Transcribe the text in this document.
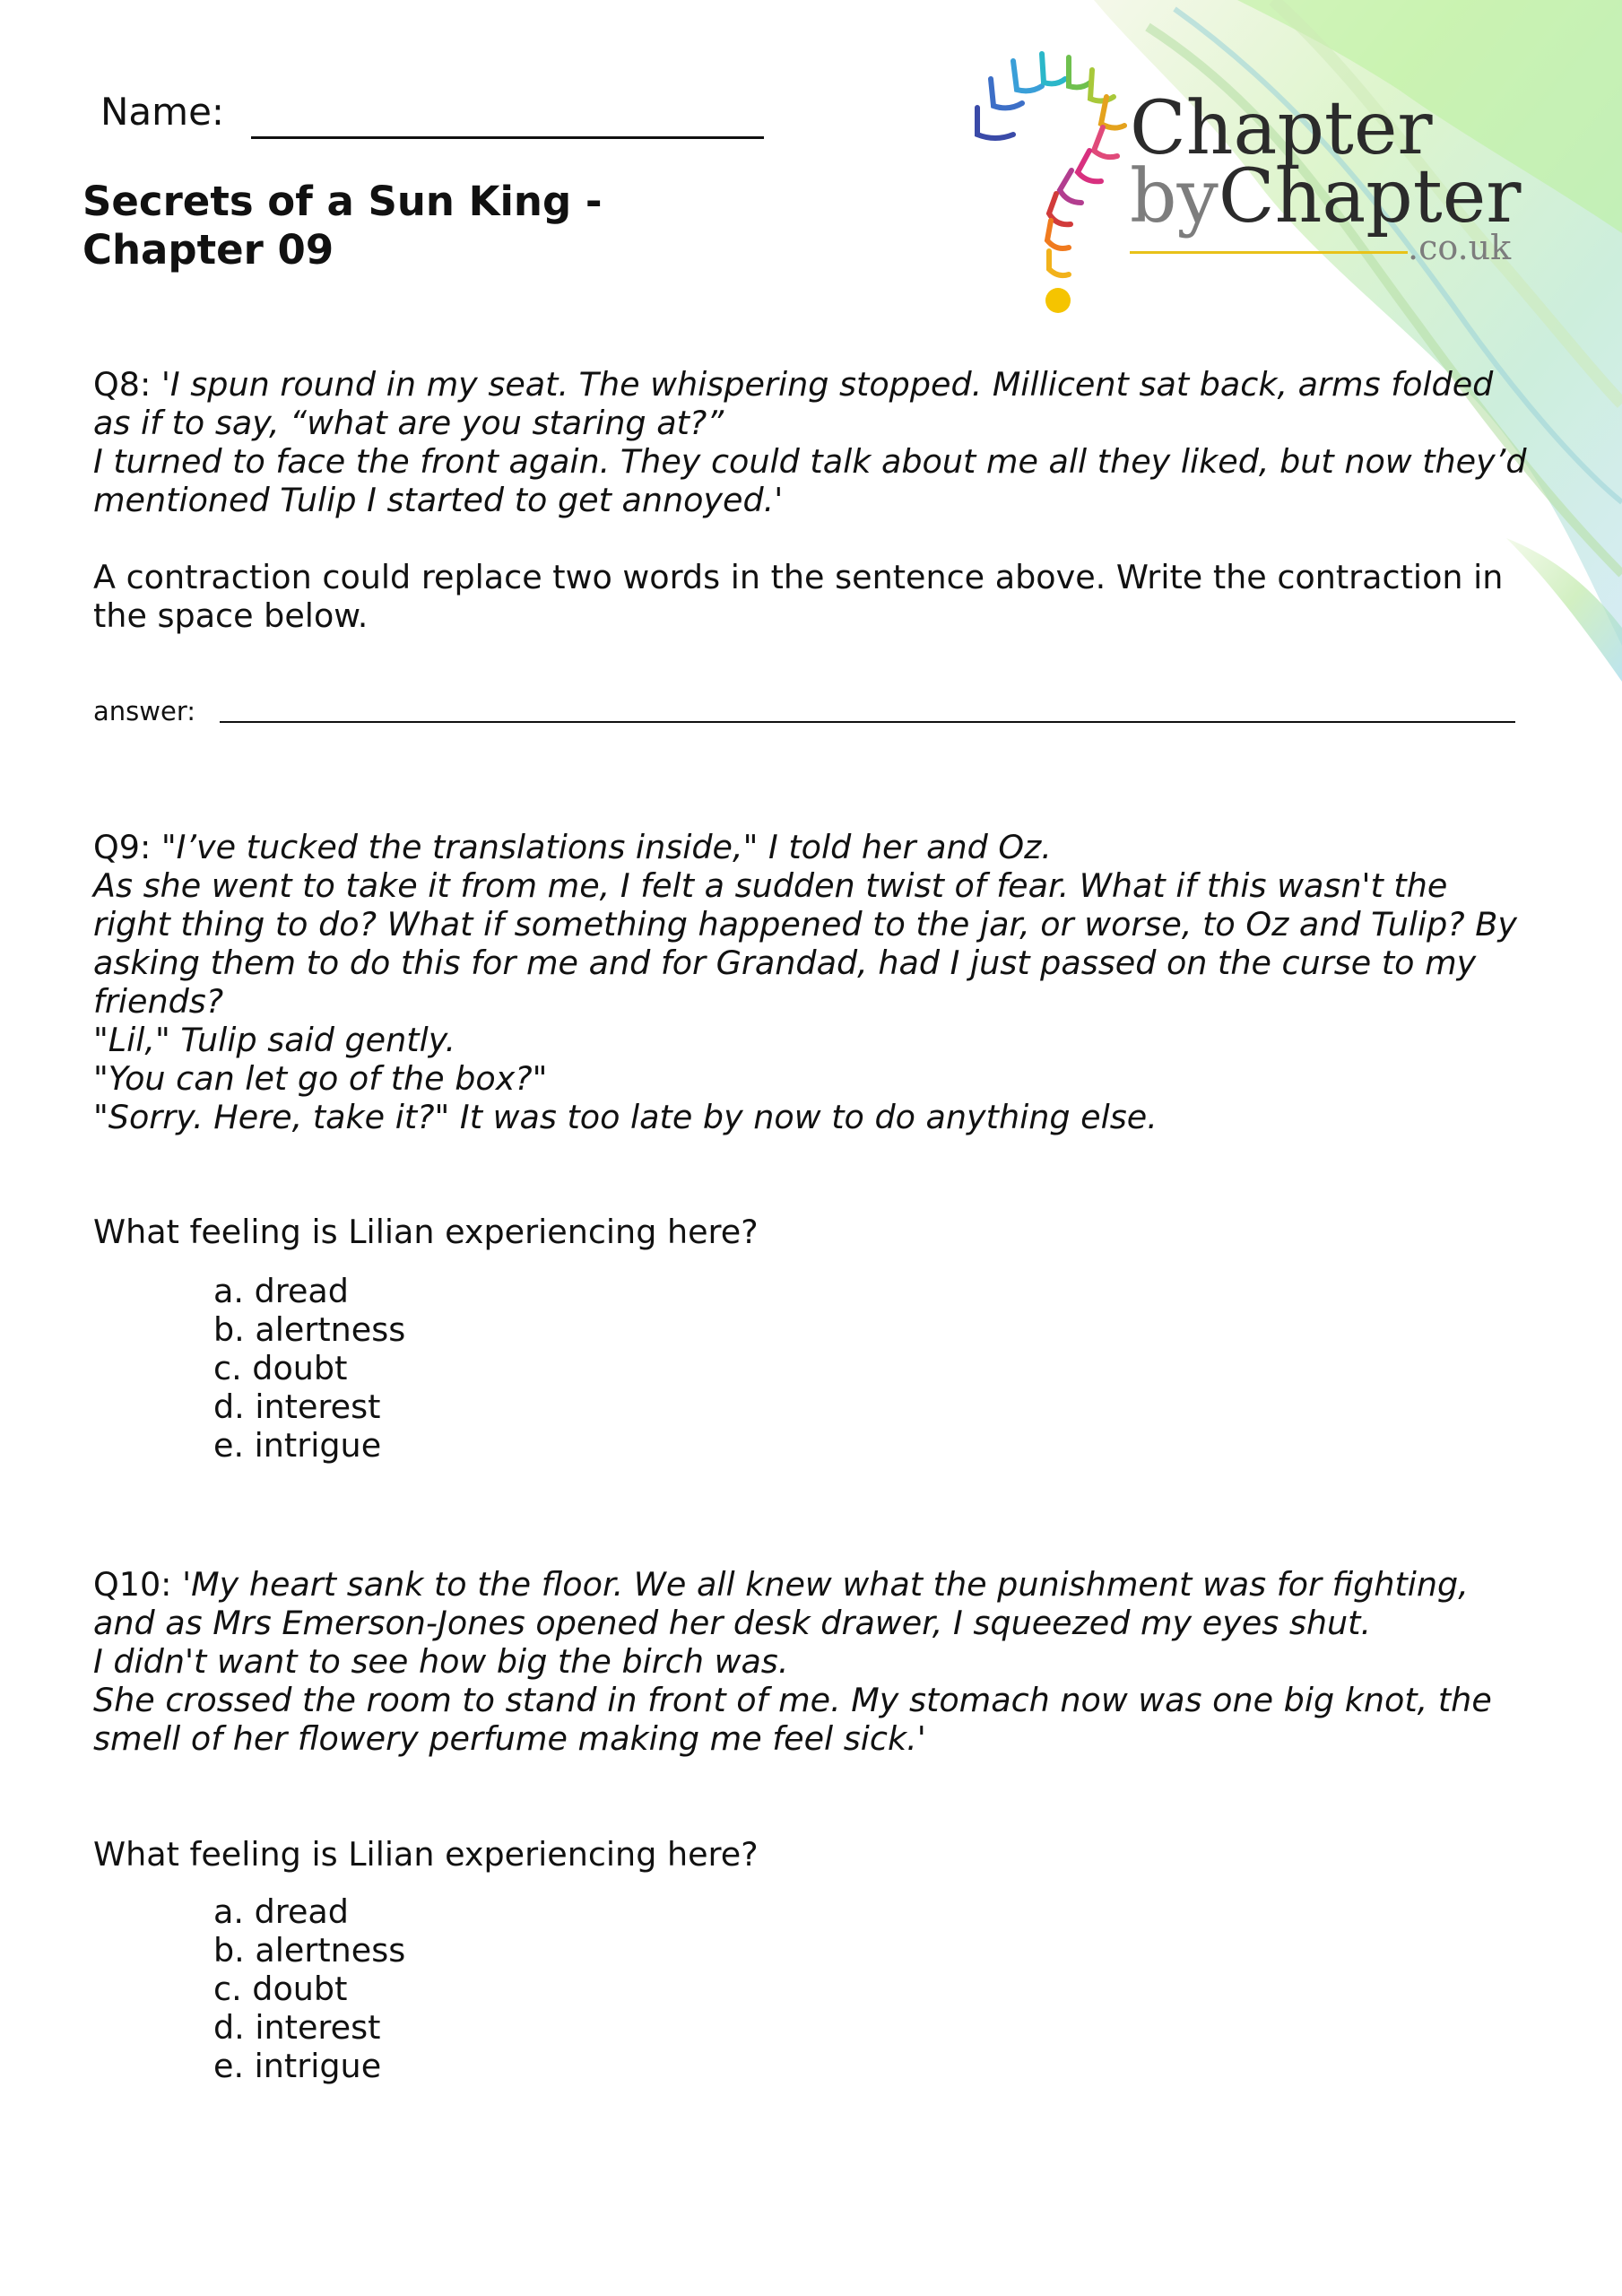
Chapter
byChapter
.co.uk
Name:
Secrets of a Sun King -
Chapter 09
Q8: 'I spun round in my seat. The whispering stopped. Millicent sat back, arms folded
as if to say, “what are you staring at?”
I turned to face the front again. They could talk about me all they liked, but now they’d
mentioned Tulip I started to get annoyed.'
A contraction could replace two words in the sentence above. Write the contraction in
the space below.
answer:
Q9: "I’ve tucked the translations inside," I told her and Oz.
As she went to take it from me, I felt a sudden twist of fear. What if this wasn't the
right thing to do? What if something happened to the jar, or worse, to Oz and Tulip? By
asking them to do this for me and for Grandad, had I just passed on the curse to my
friends?
"Lil," Tulip said gently.
"You can let go of the box?"
"Sorry. Here, take it?" It was too late by now to do anything else.
What feeling is Lilian experiencing here?
a. dread
b. alertness
c. doubt
d. interest
e. intrigue
Q10: 'My heart sank to the floor. We all knew what the punishment was for fighting,
and as Mrs Emerson-Jones opened her desk drawer, I squeezed my eyes shut.
I didn't want to see how big the birch was.
She crossed the room to stand in front of me. My stomach now was one big knot, the
smell of her flowery perfume making me feel sick.'
What feeling is Lilian experiencing here?
a. dread
b. alertness
c. doubt
d. interest
e. intrigue
